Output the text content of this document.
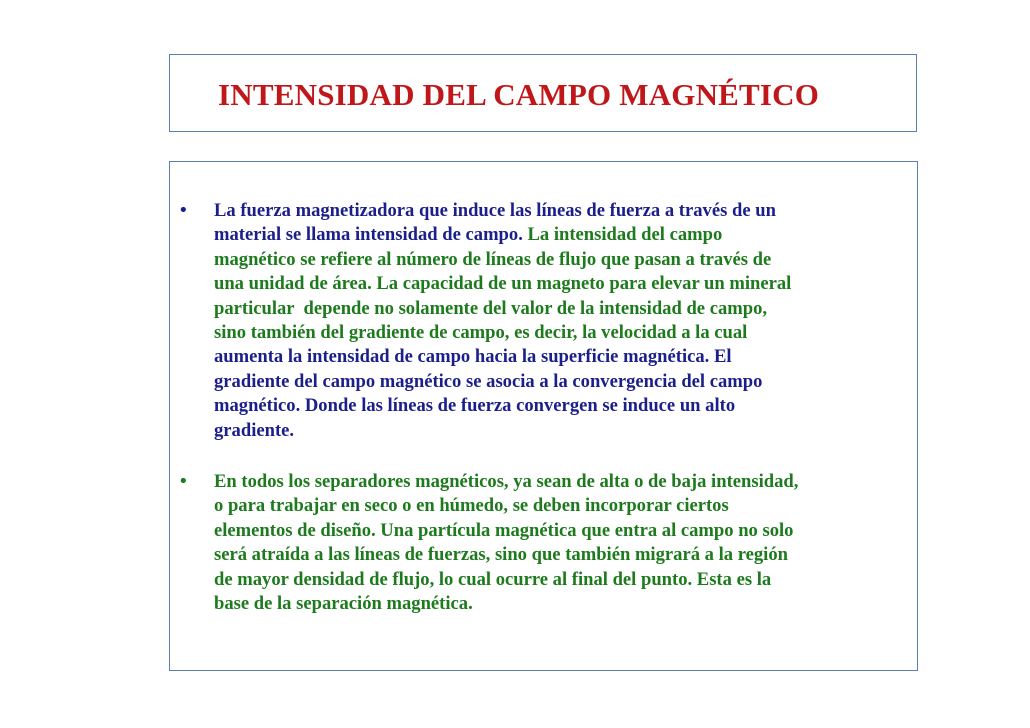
INTENSIDAD DEL CAMPO MAGNÉTICO
• La fuerza magnetizadora que induce las líneas de fuerza a través de un
material se llama intensidad de campo. La intensidad del campo
magnético se refiere al número de líneas de flujo que pasan a través de
una unidad de área. La capacidad de un magneto para elevar un mineral
particular  depende no solamente del valor de la intensidad de campo,
sino también del gradiente de campo, es decir, la velocidad a la cual
aumenta la intensidad de campo hacia la superficie magnética. El
gradiente del campo magnético se asocia a la convergencia del campo
magnético. Donde las líneas de fuerza convergen se induce un alto
gradiente.

• En todos los separadores magnéticos, ya sean de alta o de baja intensidad,
o para trabajar en seco o en húmedo, se deben incorporar ciertos
elementos de diseño. Una partícula magnética que entra al campo no solo
será atraída a las líneas de fuerzas, sino que también migrará a la región
de mayor densidad de flujo, lo cual ocurre al final del punto. Esta es la
base de la separación magnética.
